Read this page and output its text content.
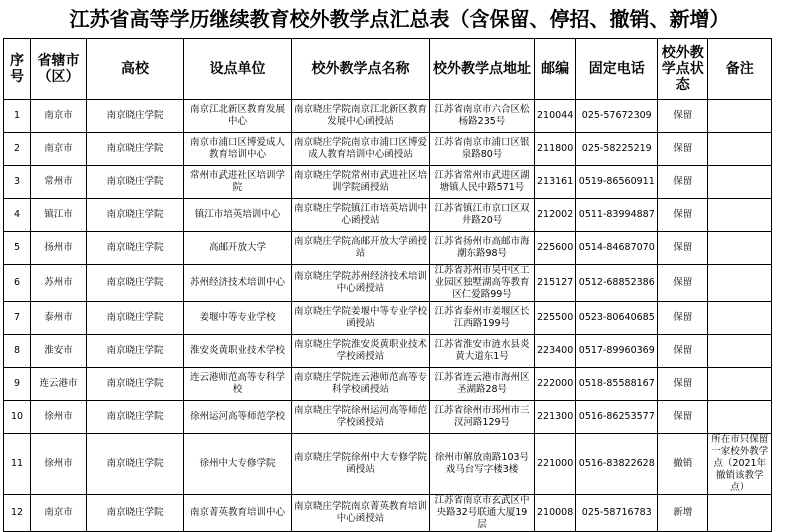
江苏省高等学历继续教育校外教学点汇总表（含保留、停招、撤销、新增）
序号	省辖市（区）	高校	设点单位	校外教学点名称	校外教学点地址	邮编	固定电话	校外教学点状态	备注
1	南京市	南京晓庄学院	南京江北新区教育发展中心	南京晓庄学院南京江北新区教育发展中心函授站	江苏省南京市六合区松杨路235号	210044	025-57672309	保留	
2	南京市	南京晓庄学院	南京市浦口区博爱成人教育培训中心	南京晓庄学院南京市浦口区博爱成人教育培训中心函授站	江苏省南京市浦口区银泉路80号	211800	025-58225219	保留	
3	常州市	南京晓庄学院	常州市武进社区培训学院	南京晓庄学院常州市武进社区培训学院函授站	江苏省常州市武进区湖塘镇人民中路571号	213161	0519-86560911	保留	
4	镇江市	南京晓庄学院	镇江市培英培训中心	南京晓庄学院镇江市培英培训中心函授站	江苏省镇江市京口区双井路20号	212002	0511-83994887	保留	
5	扬州市	南京晓庄学院	高邮开放大学	南京晓庄学院高邮开放大学函授站	江苏省扬州市高邮市海潮东路98号	225600	0514-84687070	保留	
6	苏州市	南京晓庄学院	苏州经济技术培训中心	南京晓庄学院苏州经济技术培训中心函授站	江苏省苏州市吴中区工业园区独墅湖高等教育区仁爱路99号	215127	0512-68852386	保留	
7	泰州市	南京晓庄学院	姜堰中等专业学校	南京晓庄学院姜堰中等专业学校函授站	江苏省泰州市姜堰区长江西路199号	225500	0523-80640685	保留	
8	淮安市	南京晓庄学院	淮安炎黄职业技术学校	南京晓庄学院淮安炎黄职业技术学校函授站	江苏省淮安市涟水县炎黄大道东1号	223400	0517-89960369	保留	
9	连云港市	南京晓庄学院	连云港师范高等专科学校	南京晓庄学院连云港师范高等专科学校函授站	江苏省连云港市海州区圣湖路28号	222000	0518-85588167	保留	
10	徐州市	南京晓庄学院	徐州运河高等师范学校	南京晓庄学院徐州运河高等师范学校函授站	江苏省徐州市邳州市三汊河路129号	221300	0516-86253577	保留	
11	徐州市	南京晓庄学院	徐州中大专修学院	南京晓庄学院徐州中大专修学院函授站	徐州市解放南路103号戏马台写字楼3楼	221000	0516-83822628	撤销	所在市只保留一家校外教学点（2021年撤销该教学点）
12	南京市	南京晓庄学院	南京菁英教育培训中心	南京晓庄学院南京菁英教育培训中心函授站	江苏省南京市玄武区中央路32号联通大厦19层	210008	025-58716783	新增	
